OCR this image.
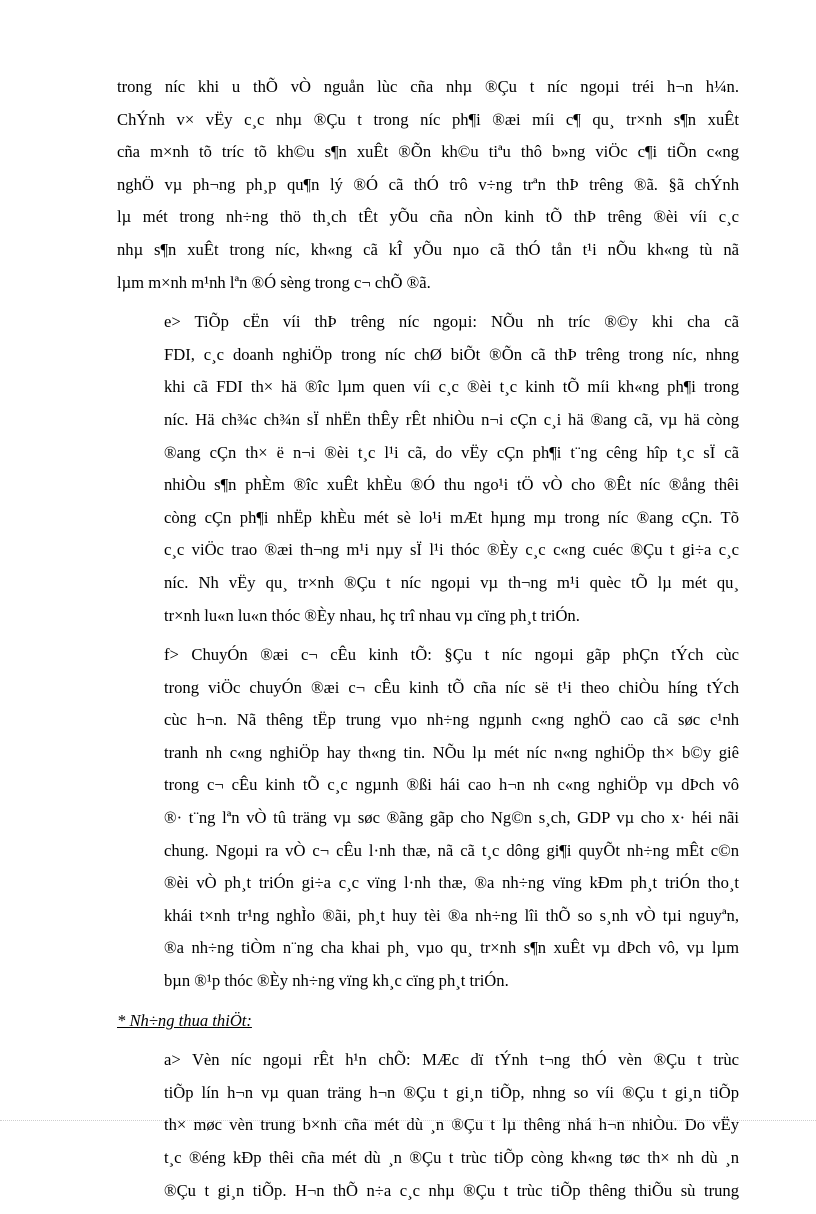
trong níc khi u thÕ vÒ nguån lùc cña nhµ ®Çu t níc ngoµi tréi h¬n h¼n.
ChÝnh v× vËy c¸c nhµ ®Çu t trong níc ph¶i ®æi míi c¶ qu¸ tr×nh s¶n xuÊt
cña m×nh tõ tríc tõ kh©u s¶n xuÊt ®Õn kh©u tiªu thô b»ng viÖc c¶i tiÕn c«ng
nghÖ vµ ph¬ng ph¸p qu¶n lý ®Ó cã thÓ trô v÷ng trªn thÞ trêng ®ã. §ã chÝnh
lµ mét trong nh÷ng thö th¸ch tÊt yÕu cña nÒn kinh tÕ thÞ trêng ®èi víi c¸c
nhµ s¶n xuÊt trong níc, kh«ng cã kÎ yÕu nµo cã thÓ tån t¹i nÕu kh«ng tù nã
lµm m×nh m¹nh lªn ®Ó sèng trong c¬ chÕ ®ã.

e> TiÕp cËn víi thÞ trêng níc ngoµi: NÕu nh tríc ®©y khi cha cã
FDI, c¸c doanh nghiÖp trong níc chØ biÕt ®Õn cã thÞ trêng trong níc, nhng
khi cã FDI th× hä ®îc lµm quen víi c¸c ®èi t¸c kinh tÕ míi kh«ng ph¶i trong
níc. Hä ch¾c ch¾n sÏ nhËn thÊy rÊt nhiÒu n¬i cÇn c¸i hä ®ang cã, vµ hä còng
®ang cÇn th× ë n¬i ®èi t¸c l¹i cã, do vËy cÇn ph¶i t¨ng cêng hîp t¸c sÏ cã
nhiÒu s¶n phÈm ®îc xuÊt khÈu ®Ó thu ngo¹i tÖ vÒ cho ®Êt níc ®ång thêi
còng cÇn ph¶i nhËp khÈu mét sè lo¹i mÆt hµng mµ trong níc ®ang cÇn. Tõ
c¸c viÖc trao ®æi th¬ng m¹i nµy sÏ l¹i thóc ®Èy c¸c c«ng cuéc ®Çu t gi÷a c¸c
níc. Nh vËy qu¸ tr×nh ®Çu t níc ngoµi vµ th¬ng m¹i quèc tÕ lµ mét qu¸
tr×nh lu«n lu«n thóc ®Èy nhau, hç trî nhau vµ cïng ph¸t triÓn.

f> ChuyÓn ®æi c¬ cÊu kinh tÕ: §Çu t níc ngoµi gãp phÇn tÝch cùc
trong viÖc chuyÓn ®æi c¬ cÊu kinh tÕ cña níc së t¹i theo chiÒu híng tÝch
cùc h¬n. Nã thêng tËp trung vµo nh÷ng ngµnh c«ng nghÖ cao cã søc c¹nh
tranh nh c«ng nghiÖp hay th«ng tin. NÕu lµ mét níc n«ng nghiÖp th× b©y giê
trong c¬ cÊu kinh tÕ c¸c ngµnh ®ßi hái cao h¬n nh c«ng nghiÖp vµ dÞch vô
®· t¨ng lªn vÒ tû träng vµ søc ®ãng gãp cho Ng©n s¸ch, GDP vµ cho x· héi nãi
chung. Ngoµi ra vÒ c¬ cÊu l·nh thæ, nã cã t¸c dông gi¶i quyÕt nh÷ng mÊt c©n
®èi vÒ ph¸t triÓn gi÷a c¸c vïng l·nh thæ, ®a nh÷ng vïng kÐm ph¸t triÓn tho¸t
khái t×nh tr¹ng nghÌo ®ãi, ph¸t huy tèi ®a nh÷ng lîi thÕ so s¸nh vÒ tµi nguyªn,
®a nh÷ng tiÒm n¨ng cha khai ph¸ vµo qu¸ tr×nh s¶n xuÊt vµ dÞch vô, vµ lµm
bµn ®¹p thóc ®Èy nh÷ng vïng kh¸c cïng ph¸t triÓn.

* Nh÷ng thua thiÖt:

a> Vèn níc ngoµi rÊt h¹n chÕ: MÆc dï tÝnh t¬ng thÓ vèn ®Çu t trùc
tiÕp lín h¬n vµ quan träng h¬n ®Çu t gi¸n tiÕp, nhng so víi ®Çu t gi¸n tiÕp
th× møc vèn trung b×nh cña mét dù ¸n ®Çu t lµ thêng nhá h¬n nhiÒu. Do vËy
t¸c ®éng kÐp thêi cña mét dù ¸n ®Çu t trùc tiÕp còng kh«ng tøc th× nh dù ¸n
®Çu t gi¸n tiÕp. H¬n thÕ n÷a c¸c nhµ ®Çu t trùc tiÕp thêng thiÕu sù trung
